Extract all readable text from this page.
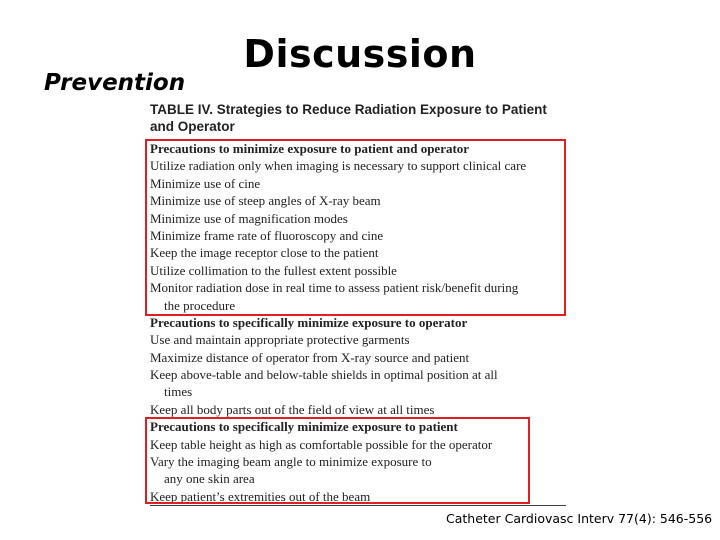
Discussion
Prevention
TABLE IV. Strategies to Reduce Radiation Exposure to Patient
and Operator
Precautions to minimize exposure to patient and operator
Utilize radiation only when imaging is necessary to support clinical care
Minimize use of cine
Minimize use of steep angles of X-ray beam
Minimize use of magnification modes
Minimize frame rate of fluoroscopy and cine
Keep the image receptor close to the patient
Utilize collimation to the fullest extent possible
Monitor radiation dose in real time to assess patient risk/benefit during
the procedure
Precautions to specifically minimize exposure to operator
Use and maintain appropriate protective garments
Maximize distance of operator from X-ray source and patient
Keep above-table and below-table shields in optimal position at all
times
Keep all body parts out of the field of view at all times
Precautions to specifically minimize exposure to patient
Keep table height as high as comfortable possible for the operator
Vary the imaging beam angle to minimize exposure to
any one skin area
Keep patient’s extremities out of the beam
Catheter Cardiovasc Interv 77(4): 546-556
